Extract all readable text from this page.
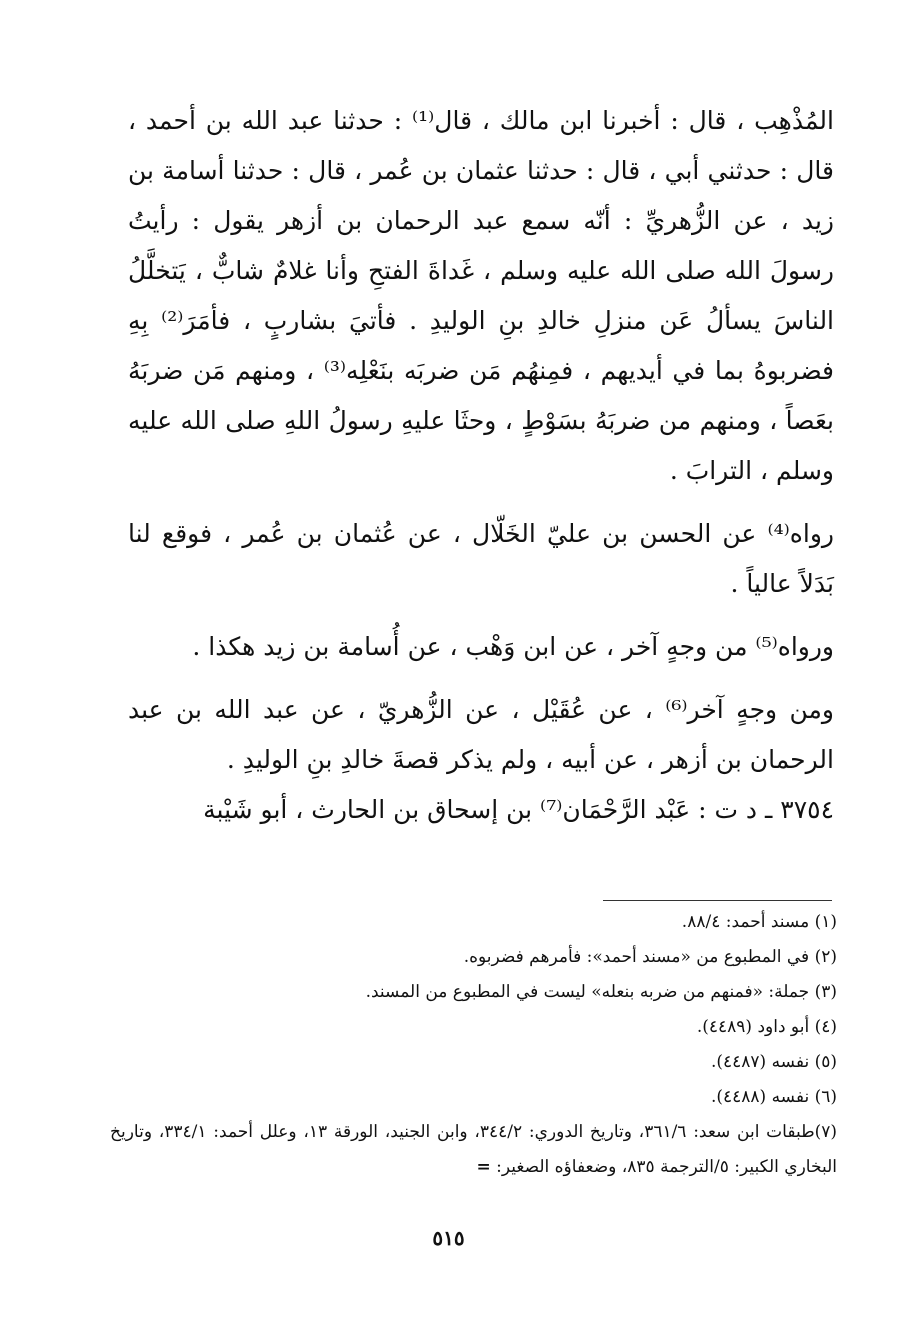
المُذْهِب ، قال : أخبرنا ابن مالك ، قال⁽¹⁾ : حدثنا عبد الله بن أحمد ، قال : حدثني أبي ، قال : حدثنا عثمان بن عُمر ، قال : حدثنا أسامة بن زيد ، عن الزُّهريِّ : أنّه سمع عبد الرحمان بن أزهر يقول : رأيتُ رسولَ الله صلى الله عليه وسلم ، غَداةَ الفتحِ وأنا غلامٌ شابٌّ ، يَتخلَّلُ الناسَ يسألُ عَن منزلِ خالدِ بنِ الوليدِ . فأتيَ بشاربٍ ، فأمَرَ⁽²⁾ بِهِ فضربوهُ بما في أيديهم ، فمِنهُم مَن ضربَه بنَعْلِه⁽³⁾ ، ومنهم مَن ضربَهُ بعَصاً ، ومنهم من ضربَهُ بسَوْطٍ ، وحثَا عليهِ رسولُ اللهِ صلى الله عليه وسلم ، الترابَ .

رواه⁽⁴⁾ عن الحسن بن عليّ الخَلّال ، عن عُثمان بن عُمر ، فوقع لنا بَدَلاً عالياً .

ورواه⁽⁵⁾ من وجهٍ آخر ، عن ابن وَهْب ، عن أُسامة بن زيد هكذا .

ومن وجهٍ آخر⁽⁶⁾ ، عن عُقَيْل ، عن الزُّهريّ ، عن عبد الله بن عبد الرحمان بن أزهر ، عن أبيه ، ولم يذكر قصةَ خالدِ بنِ الوليدِ .

٣٧٥٤ ـ د ت : عَبْد الرَّحْمَان⁽⁷⁾ بن إسحاق بن الحارث ، أبو شَيْبة

(١) مسند أحمد: ٨٨/٤.

(٢) في المطبوع من «مسند أحمد»: فأمرهم فضربوه.

(٣) جملة: «فمنهم من ضربه بنعله» ليست في المطبوع من المسند.

(٤) أبو داود (٤٤٨٩).

(٥) نفسه (٤٤٨٧).

(٦) نفسه (٤٤٨٨).

(٧)طبقات ابن سعد: ٣٦١/٦، وتاريخ الدوري: ٣٤٤/٢، وابن الجنيد، الورقة ١٣، وعلل أحمد: ٣٣٤/١، وتاريخ البخاري الكبير: ٥/الترجمة ٨٣٥، وضعفاؤه الصغير: =

٥١٥
